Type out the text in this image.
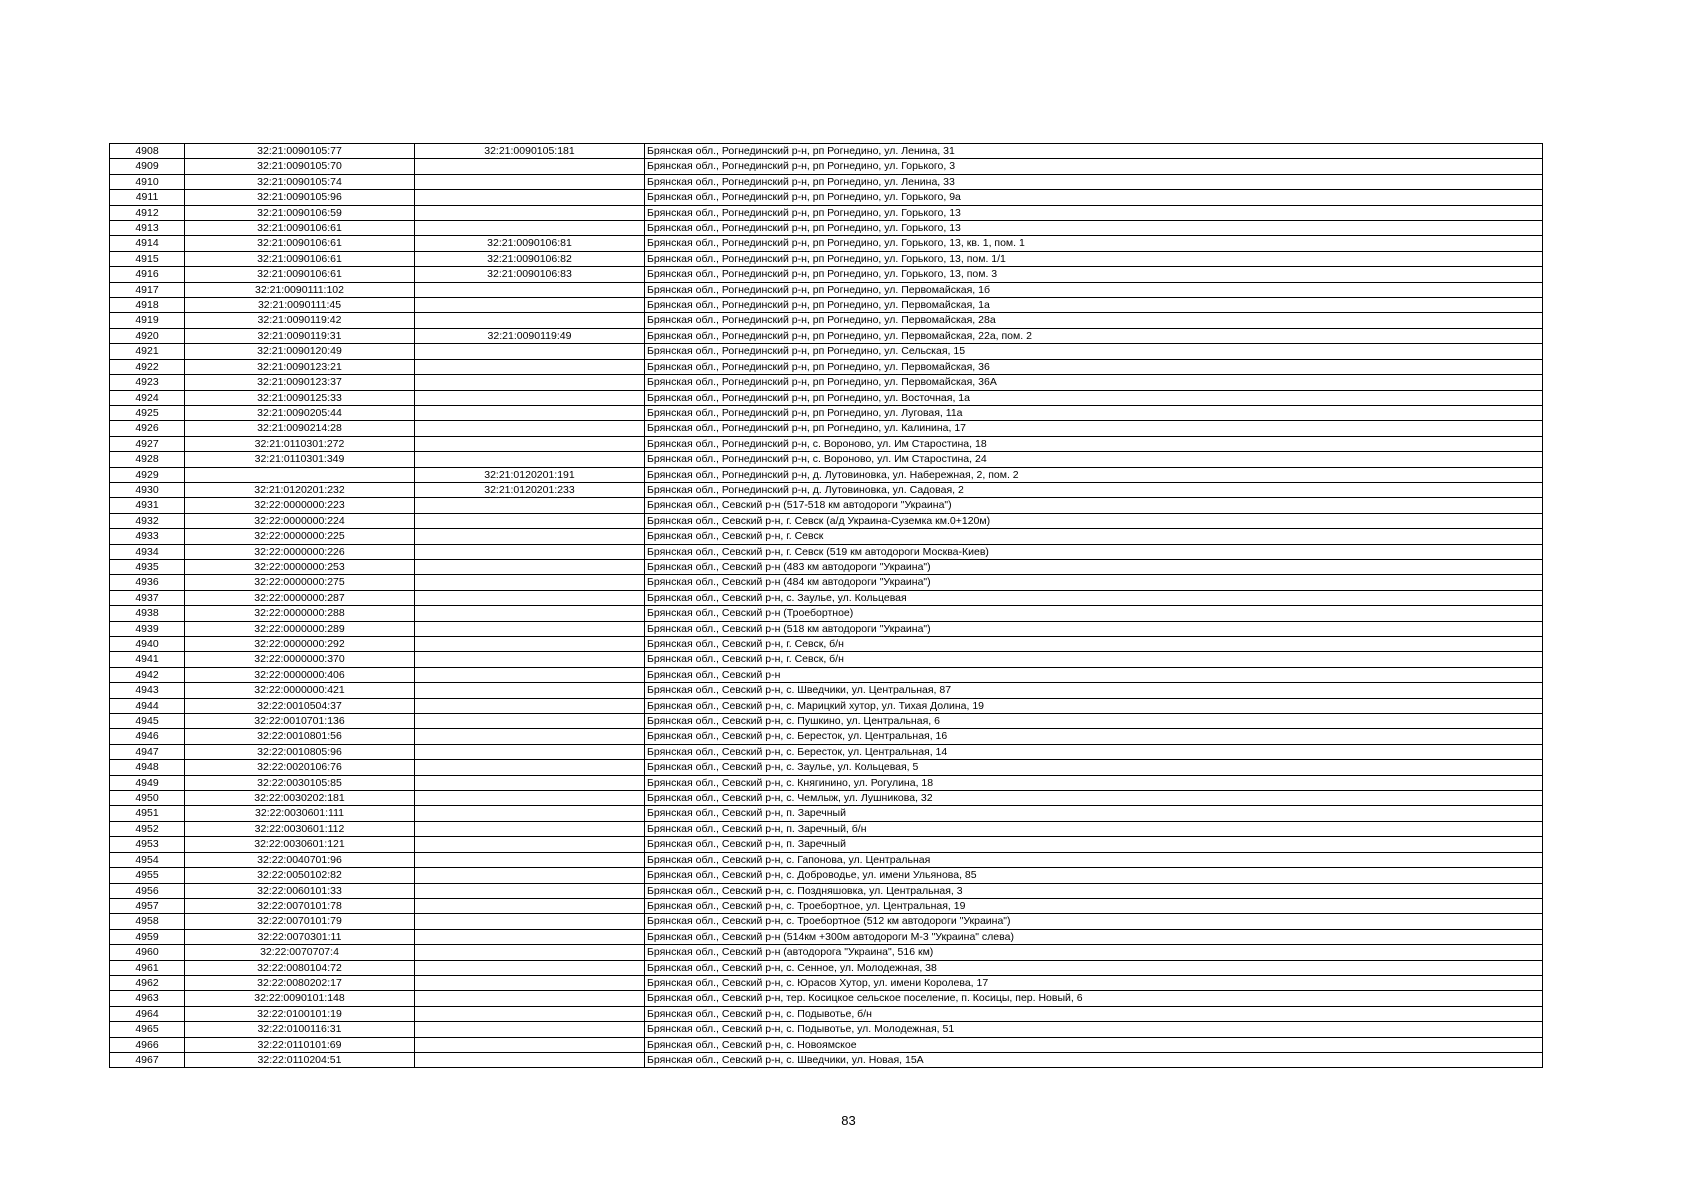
4908	32:21:0090105:77	32:21:0090105:181	Брянская обл., Рогнединский р-н, рп Рогнедино, ул. Ленина, 31
4909	32:21:0090105:70		Брянская обл., Рогнединский р-н, рп Рогнедино, ул. Горького, 3
4910	32:21:0090105:74		Брянская обл., Рогнединский р-н, рп Рогнедино, ул. Ленина, 33
4911	32:21:0090105:96		Брянская обл., Рогнединский р-н, рп Рогнедино, ул. Горького, 9а
4912	32:21:0090106:59		Брянская обл., Рогнединский р-н, рп Рогнедино, ул. Горького, 13
4913	32:21:0090106:61		Брянская обл., Рогнединский р-н, рп Рогнедино, ул. Горького, 13
4914	32:21:0090106:61	32:21:0090106:81	Брянская обл., Рогнединский р-н, рп Рогнедино, ул. Горького, 13, кв. 1, пом. 1
4915	32:21:0090106:61	32:21:0090106:82	Брянская обл., Рогнединский р-н, рп Рогнедино, ул. Горького, 13, пом. 1/1
4916	32:21:0090106:61	32:21:0090106:83	Брянская обл., Рогнединский р-н, рп Рогнедино, ул. Горького, 13, пом. 3
4917	32:21:0090111:102		Брянская обл., Рогнединский р-н, рп Рогнедино, ул. Первомайская, 1б
4918	32:21:0090111:45		Брянская обл., Рогнединский р-н, рп Рогнедино, ул. Первомайская, 1а
4919	32:21:0090119:42		Брянская обл., Рогнединский р-н, рп Рогнедино, ул. Первомайская, 28а
4920	32:21:0090119:31	32:21:0090119:49	Брянская обл., Рогнединский р-н, рп Рогнедино, ул. Первомайская, 22а, пом. 2
4921	32:21:0090120:49		Брянская обл., Рогнединский р-н, рп Рогнедино, ул. Сельская, 15
4922	32:21:0090123:21		Брянская обл., Рогнединский р-н, рп Рогнедино, ул. Первомайская, 36
4923	32:21:0090123:37		Брянская обл., Рогнединский р-н, рп Рогнедино, ул. Первомайская, 36А
4924	32:21:0090125:33		Брянская обл., Рогнединский р-н, рп Рогнедино, ул. Восточная, 1а
4925	32:21:0090205:44		Брянская обл., Рогнединский р-н, рп Рогнедино, ул. Луговая, 11а
4926	32:21:0090214:28		Брянская обл., Рогнединский р-н, рп Рогнедино, ул. Калинина, 17
4927	32:21:0110301:272		Брянская обл., Рогнединский р-н, с. Вороново, ул. Им Старостина, 18
4928	32:21:0110301:349		Брянская обл., Рогнединский р-н, с. Вороново, ул. Им Старостина, 24
4929		32:21:0120201:191	Брянская обл., Рогнединский р-н, д. Лутовиновка, ул. Набережная, 2, пом. 2
4930	32:21:0120201:232	32:21:0120201:233	Брянская обл., Рогнединский р-н, д. Лутовиновка, ул. Садовая, 2
4931	32:22:0000000:223		Брянская обл., Севский р-н (517-518 км автодороги "Украина")
4932	32:22:0000000:224		Брянская обл., Севский р-н, г. Севск (а/д Украина-Суземка км.0+120м)
4933	32:22:0000000:225		Брянская обл., Севский р-н, г. Севск
4934	32:22:0000000:226		Брянская обл., Севский р-н, г. Севск (519 км автодороги Москва-Киев)
4935	32:22:0000000:253		Брянская обл., Севский р-н (483 км автодороги "Украина")
4936	32:22:0000000:275		Брянская обл., Севский р-н (484 км автодороги "Украина")
4937	32:22:0000000:287		Брянская обл., Севский р-н, с. Заулье, ул. Кольцевая
4938	32:22:0000000:288		Брянская обл., Севский р-н (Троебортное)
4939	32:22:0000000:289		Брянская обл., Севский р-н (518 км автодороги "Украина")
4940	32:22:0000000:292		Брянская обл., Севский р-н, г. Севск, б/н
4941	32:22:0000000:370		Брянская обл., Севский р-н, г. Севск, б/н
4942	32:22:0000000:406		Брянская обл., Севский р-н
4943	32:22:0000000:421		Брянская обл., Севский р-н, с. Шведчики, ул. Центральная, 87
4944	32:22:0010504:37		Брянская обл., Севский р-н, с. Марицкий хутор, ул. Тихая Долина, 19
4945	32:22:0010701:136		Брянская обл., Севский р-н, с. Пушкино, ул. Центральная, 6
4946	32:22:0010801:56		Брянская обл., Севский р-н, с. Бересток, ул. Центральная, 16
4947	32:22:0010805:96		Брянская обл., Севский р-н, с. Бересток, ул. Центральная, 14
4948	32:22:0020106:76		Брянская обл., Севский р-н, с. Заулье, ул. Кольцевая, 5
4949	32:22:0030105:85		Брянская обл., Севский р-н, с. Княгинино, ул. Рогулина, 18
4950	32:22:0030202:181		Брянская обл., Севский р-н, с. Чемлыж, ул. Лушникова, 32
4951	32:22:0030601:111		Брянская обл., Севский р-н, п. Заречный
4952	32:22:0030601:112		Брянская обл., Севский р-н, п. Заречный, б/н
4953	32:22:0030601:121		Брянская обл., Севский р-н, п. Заречный
4954	32:22:0040701:96		Брянская обл., Севский р-н, с. Гапонова, ул. Центральная
4955	32:22:0050102:82		Брянская обл., Севский р-н, с. Доброводье, ул. имени Ульянова, 85
4956	32:22:0060101:33		Брянская обл., Севский р-н, с. Поздняшовка, ул. Центральная, 3
4957	32:22:0070101:78		Брянская обл., Севский р-н, с. Троебортное, ул. Центральная, 19
4958	32:22:0070101:79		Брянская обл., Севский р-н, с. Троебортное (512 км автодороги "Украина")
4959	32:22:0070301:11		Брянская обл., Севский р-н (514км +300м автодороги М-3 "Украина" слева)
4960	32:22:0070707:4		Брянская обл., Севский р-н (автодорога "Украина", 516 км)
4961	32:22:0080104:72		Брянская обл., Севский р-н, с. Сенное, ул. Молодежная, 38
4962	32:22:0080202:17		Брянская обл., Севский р-н, с. Юрасов Хутор, ул. имени Королева, 17
4963	32:22:0090101:148		Брянская обл., Севский р-н, тер. Косицкое сельское поселение, п. Косицы, пер. Новый, 6
4964	32:22:0100101:19		Брянская обл., Севский р-н, с. Подывотье, б/н
4965	32:22:0100116:31		Брянская обл., Севский р-н, с. Подывотье, ул. Молодежная, 51
4966	32:22:0110101:69		Брянская обл., Севский р-н, с. Новоямское
4967	32:22:0110204:51		Брянская обл., Севский р-н, с. Шведчики, ул. Новая, 15А
83
